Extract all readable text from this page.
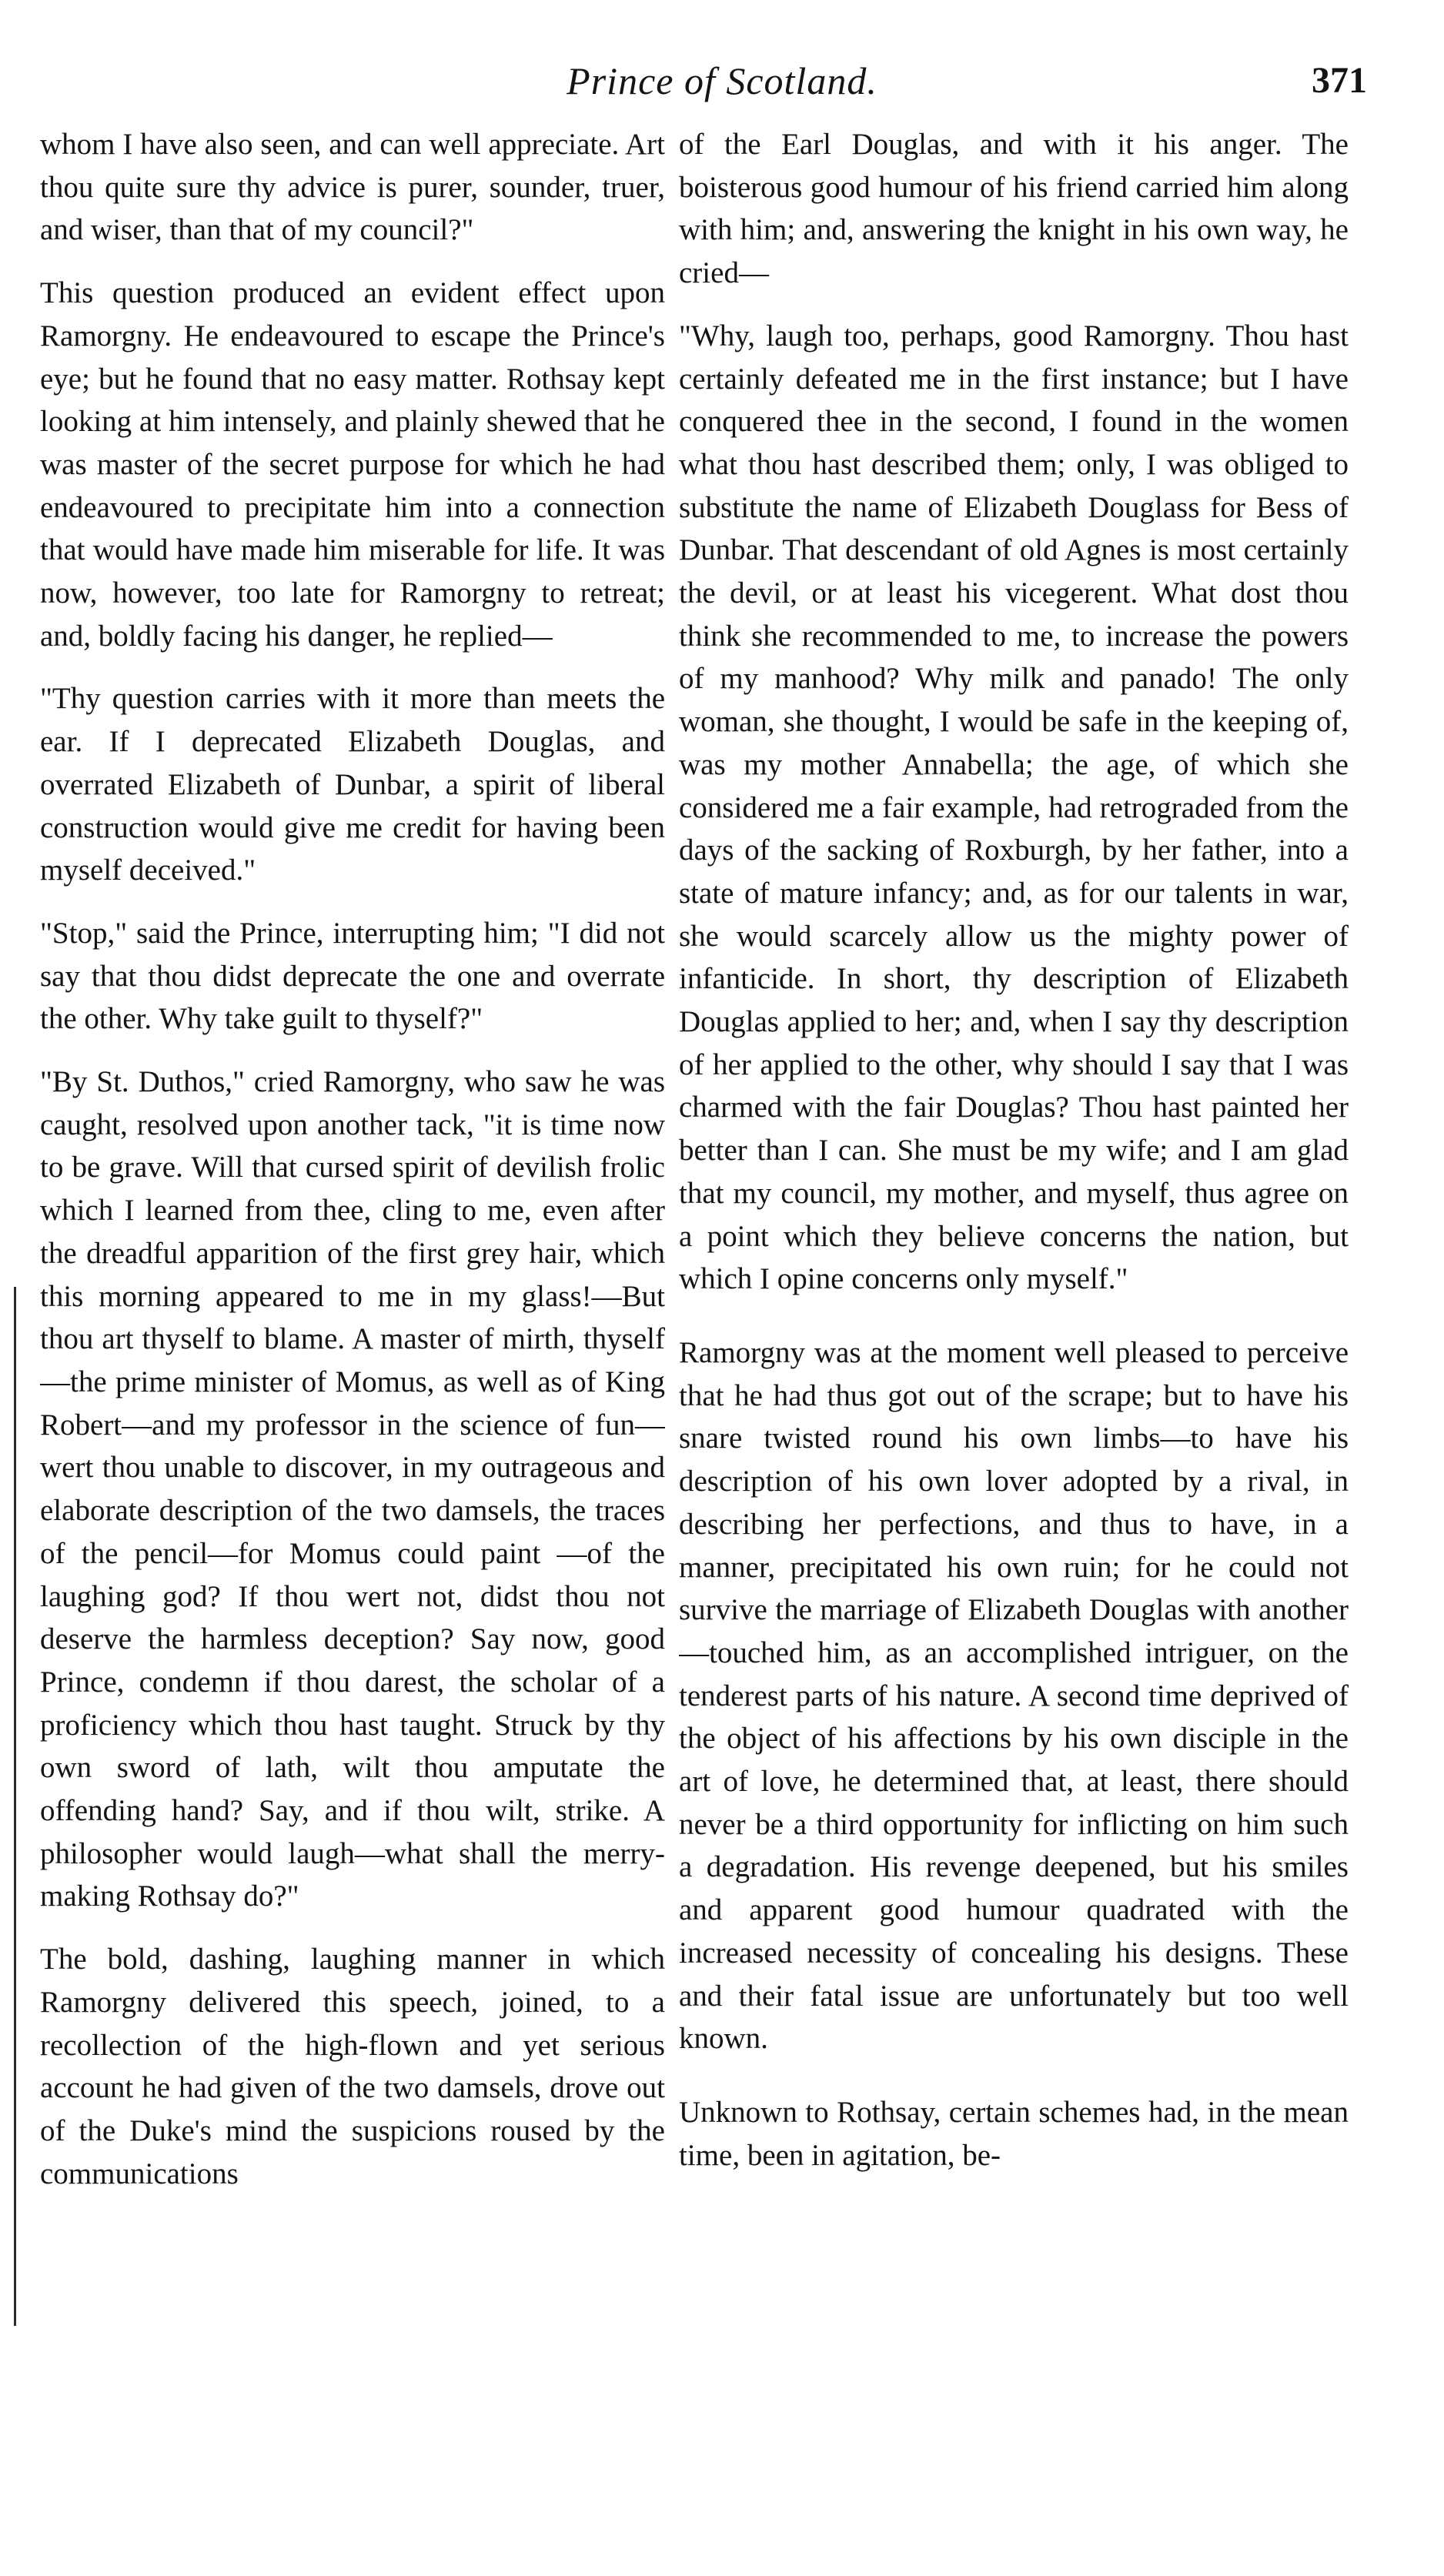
Prince of Scotland.	371

whom I have also seen, and can well appreciate. Art thou quite sure thy advice is purer, sounder, truer, and wiser, than that of my council?"

This question produced an evident effect upon Ramorgny. He endeavoured to escape the Prince's eye; but he found that no easy matter. Rothsay kept looking at him intensely, and plainly shewed that he was master of the secret purpose for which he had endeavoured to precipitate him into a connection that would have made him miserable for life. It was now, however, too late for Ramorgny to retreat; and, boldly facing his danger, he replied—

"Thy question carries with it more than meets the ear. If I deprecated Elizabeth Douglas, and overrated Elizabeth of Dunbar, a spirit of liberal construction would give me credit for having been myself deceived."

"Stop," said the Prince, interrupting him; "I did not say that thou didst deprecate the one and overrate the other. Why take guilt to thyself?"

"By St. Duthos," cried Ramorgny, who saw he was caught, resolved upon another tack, "it is time now to be grave. Will that cursed spirit of devilish frolic which I learned from thee, cling to me, even after the dreadful apparition of the first grey hair, which this morning appeared to me in my glass!—But thou art thyself to blame. A master of mirth, thyself—the prime minister of Momus, as well as of King Robert—and my professor in the science of fun—wert thou unable to discover, in my outrageous and elaborate description of the two damsels, the traces of the pencil—for Momus could paint —of the laughing god? If thou wert not, didst thou not deserve the harmless deception? Say now, good Prince, condemn if thou darest, the scholar of a proficiency which thou hast taught. Struck by thy own sword of lath, wilt thou amputate the offending hand? Say, and if thou wilt, strike. A philosopher would laugh—what shall the merry-making Rothsay do?"

The bold, dashing, laughing manner in which Ramorgny delivered this speech, joined, to a recollection of the high-flown and yet serious account he had given of the two damsels, drove out of the Duke's mind the suspicions roused by the communications

of the Earl Douglas, and with it his anger. The boisterous good humour of his friend carried him along with him; and, answering the knight in his own way, he cried—

"Why, laugh too, perhaps, good Ramorgny. Thou hast certainly defeated me in the first instance; but I have conquered thee in the second, I found in the women what thou hast described them; only, I was obliged to substitute the name of Elizabeth Douglass for Bess of Dunbar. That descendant of old Agnes is most certainly the devil, or at least his vicegerent. What dost thou think she recommended to me, to increase the powers of my manhood? Why milk and panado! The only woman, she thought, I would be safe in the keeping of, was my mother Annabella; the age, of which she considered me a fair example, had retrograded from the days of the sacking of Roxburgh, by her father, into a state of mature infancy; and, as for our talents in war, she would scarcely allow us the mighty power of infanticide. In short, thy description of Elizabeth Douglas applied to her; and, when I say thy description of her applied to the other, why should I say that I was charmed with the fair Douglas? Thou hast painted her better than I can. She must be my wife; and I am glad that my council, my mother, and myself, thus agree on a point which they believe concerns the nation, but which I opine concerns only myself."

Ramorgny was at the moment well pleased to perceive that he had thus got out of the scrape; but to have his snare twisted round his own limbs—to have his description of his own lover adopted by a rival, in describing her perfections, and thus to have, in a manner, precipitated his own ruin; for he could not survive the marriage of Elizabeth Douglas with another—touched him, as an accomplished intriguer, on the tenderest parts of his nature. A second time deprived of the object of his affections by his own disciple in the art of love, he determined that, at least, there should never be a third opportunity for inflicting on him such a degradation. His revenge deepened, but his smiles and apparent good humour quadrated with the increased necessity of concealing his designs. These and their fatal issue are unfortunately but too well known.

Unknown to Rothsay, certain schemes had, in the mean time, been in agitation, be-
